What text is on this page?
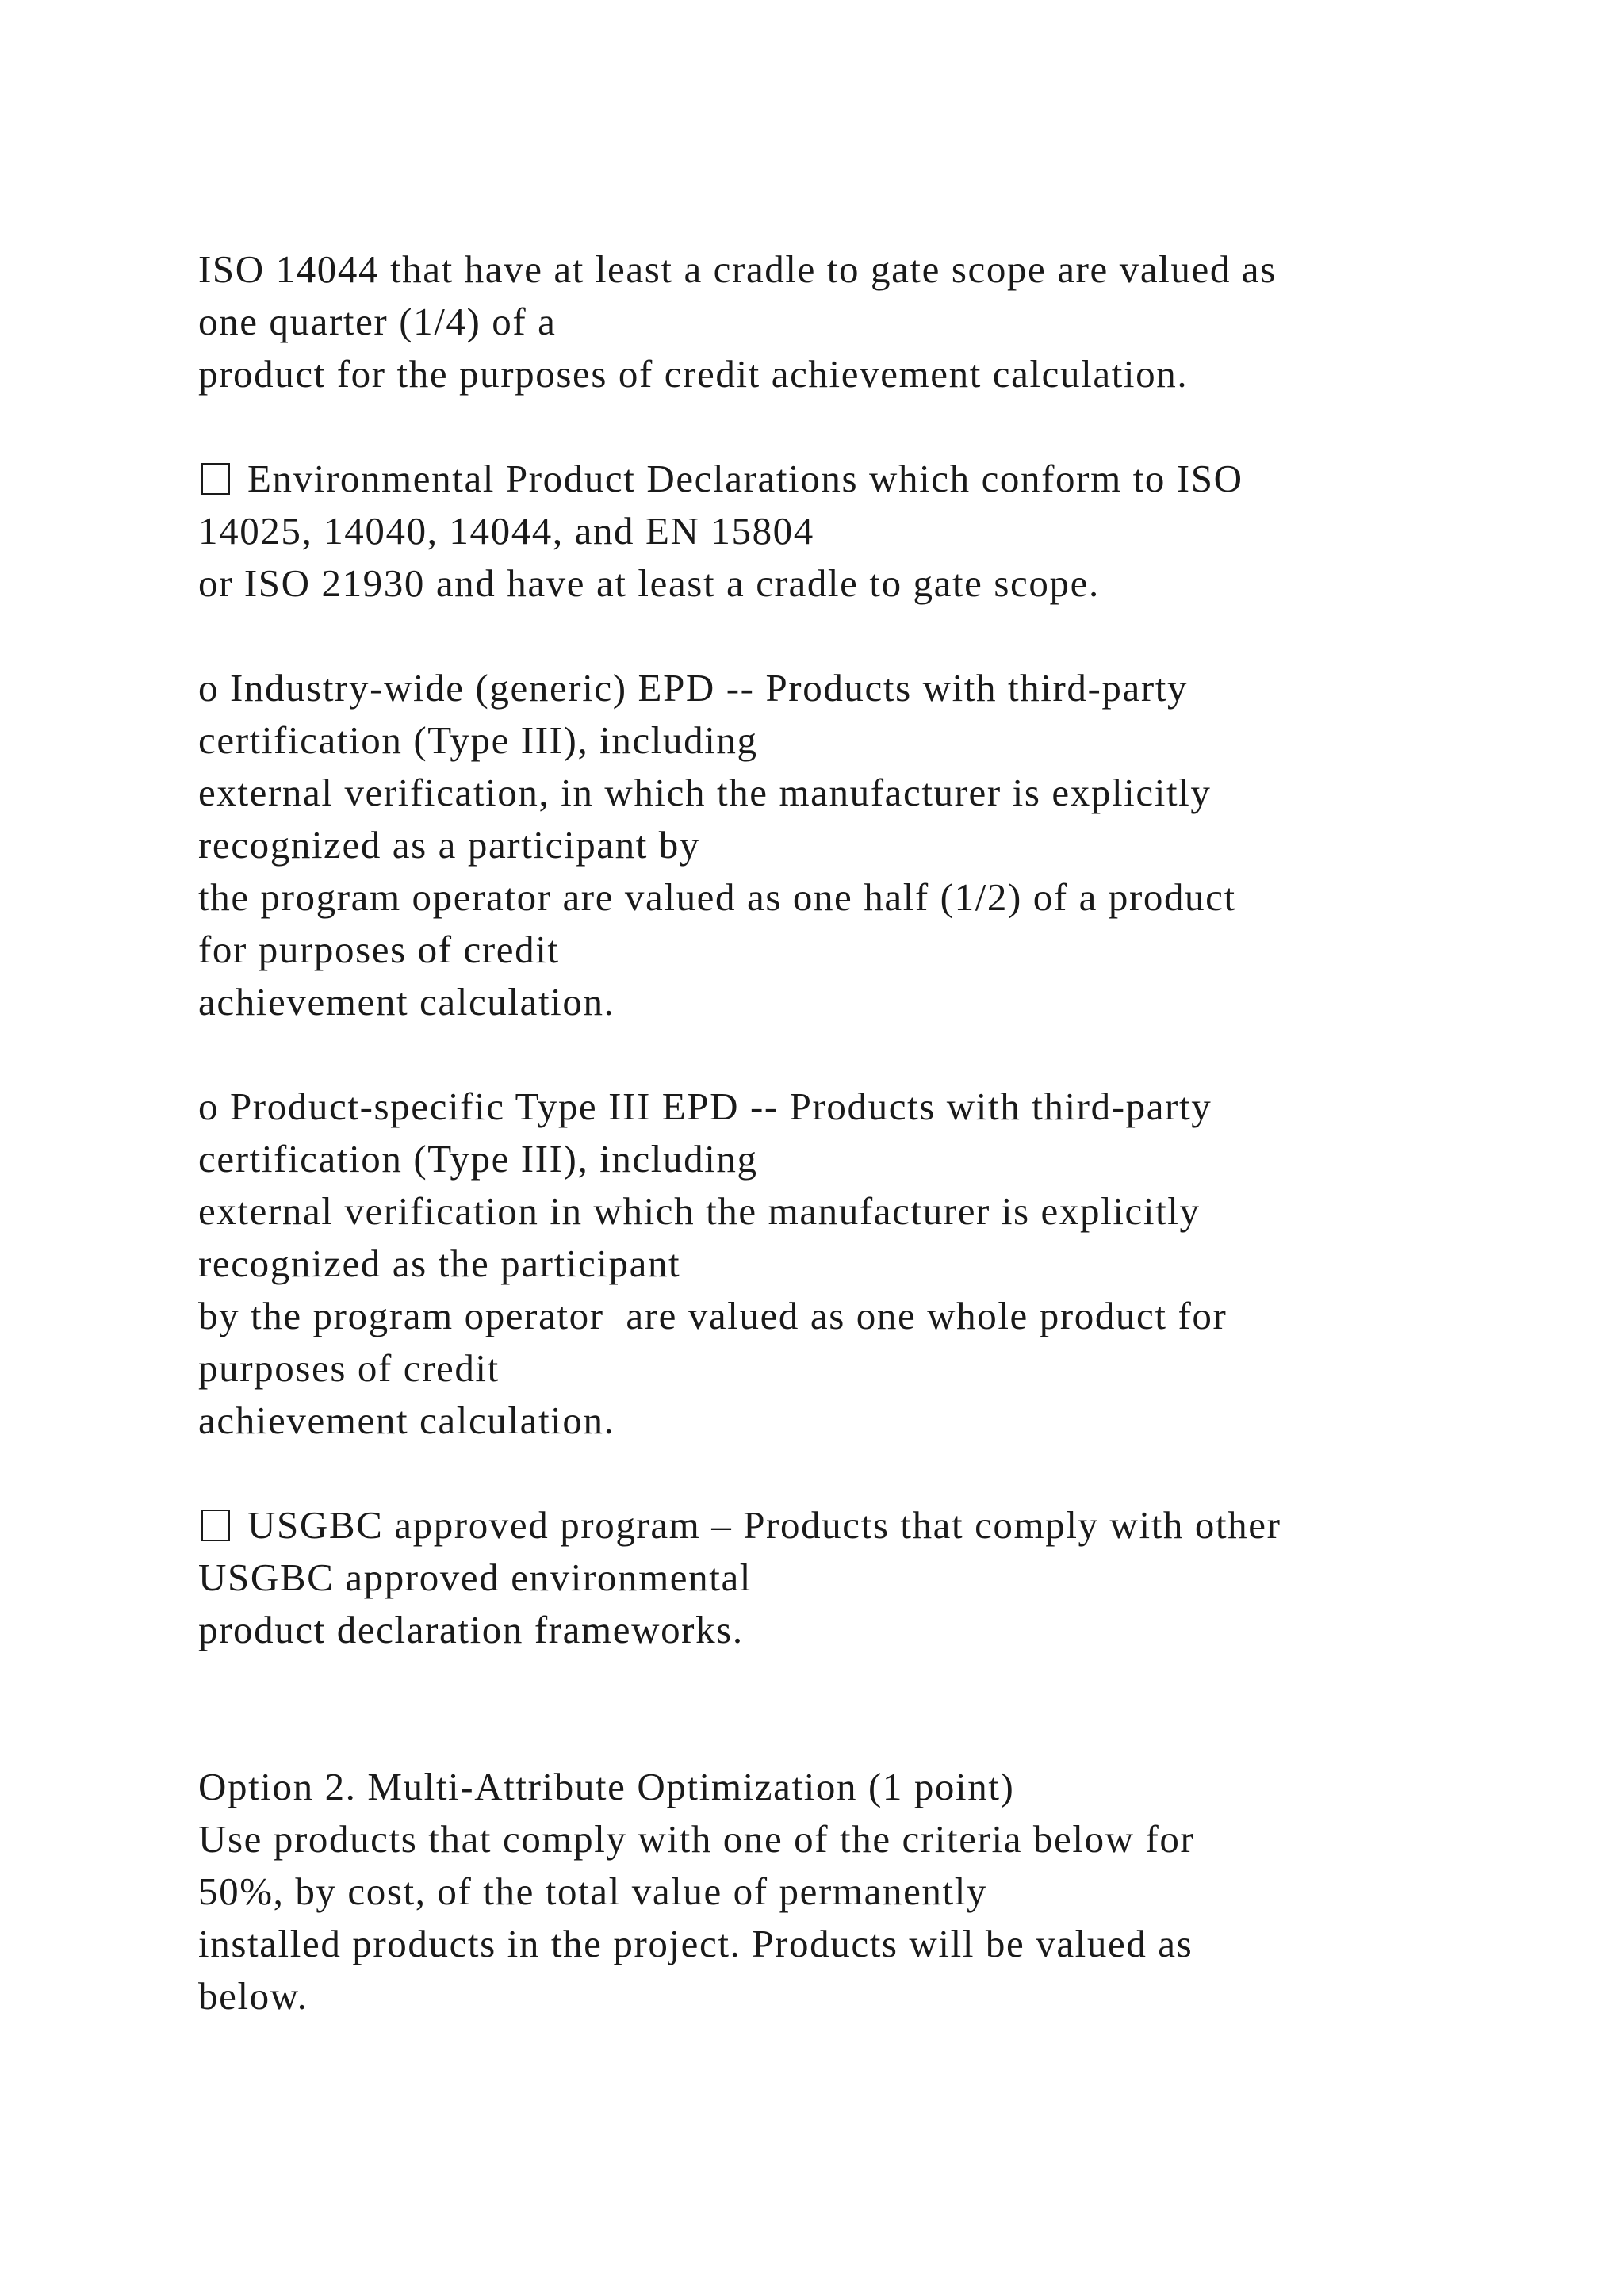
ISO 14044 that have at least a cradle to gate scope are valued as
one quarter (1/4) of a
product for the purposes of credit achievement calculation.
Environmental Product Declarations which conform to ISO
14025, 14040, 14044, and EN 15804
or ISO 21930 and have at least a cradle to gate scope.
o Industry-wide (generic) EPD -- Products with third-party
certification (Type III), including
external verification, in which the manufacturer is explicitly
recognized as a participant by
the program operator are valued as one half (1/2) of a product
for purposes of credit
achievement calculation.
o Product-specific Type III EPD -- Products with third-party
certification (Type III), including
external verification in which the manufacturer is explicitly
recognized as the participant
by the program operator  are valued as one whole product for
purposes of credit
achievement calculation.
USGBC approved program – Products that comply with other
USGBC approved environmental
product declaration frameworks.
Option 2. Multi-Attribute Optimization (1 point)
Use products that comply with one of the criteria below for
50%, by cost, of the total value of permanently
installed products in the project. Products will be valued as
below.
